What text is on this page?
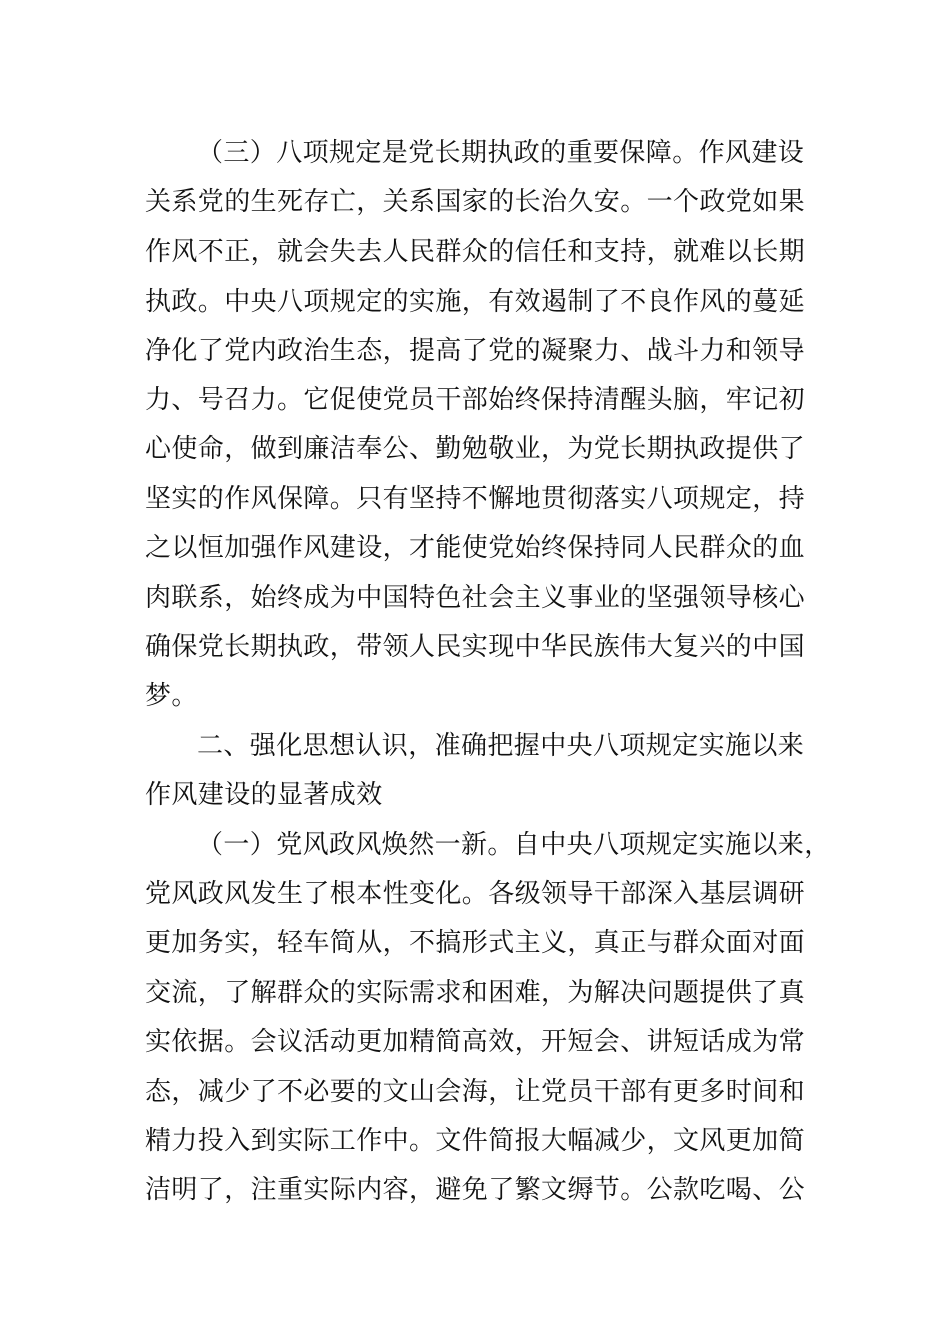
（三）八项规定是党长期执政的重要保障。作风建设
关系党的生死存亡，关系国家的长治久安。一个政党如果
作风不正，就会失去人民群众的信任和支持，就难以长期
执政。中央八项规定的实施，有效遏制了不良作风的蔓延
净化了党内政治生态，提高了党的凝聚力、战斗力和领导
力、号召力。它促使党员干部始终保持清醒头脑，牢记初
心使命，做到廉洁奉公、勤勉敬业，为党长期执政提供了
坚实的作风保障。只有坚持不懈地贯彻落实八项规定，持
之以恒加强作风建设，才能使党始终保持同人民群众的血
肉联系，始终成为中国特色社会主义事业的坚强领导核心
确保党长期执政，带领人民实现中华民族伟大复兴的中国
梦。
二、强化思想认识，准确把握中央八项规定实施以来
作风建设的显著成效
（一）党风政风焕然一新。自中央八项规定实施以来，
党风政风发生了根本性变化。各级领导干部深入基层调研
更加务实，轻车简从，不搞形式主义，真正与群众面对面
交流，了解群众的实际需求和困难，为解决问题提供了真
实依据。会议活动更加精简高效，开短会、讲短话成为常
态，减少了不必要的文山会海，让党员干部有更多时间和
精力投入到实际工作中。文件简报大幅减少，文风更加简
洁明了，注重实际内容，避免了繁文缛节。公款吃喝、公
